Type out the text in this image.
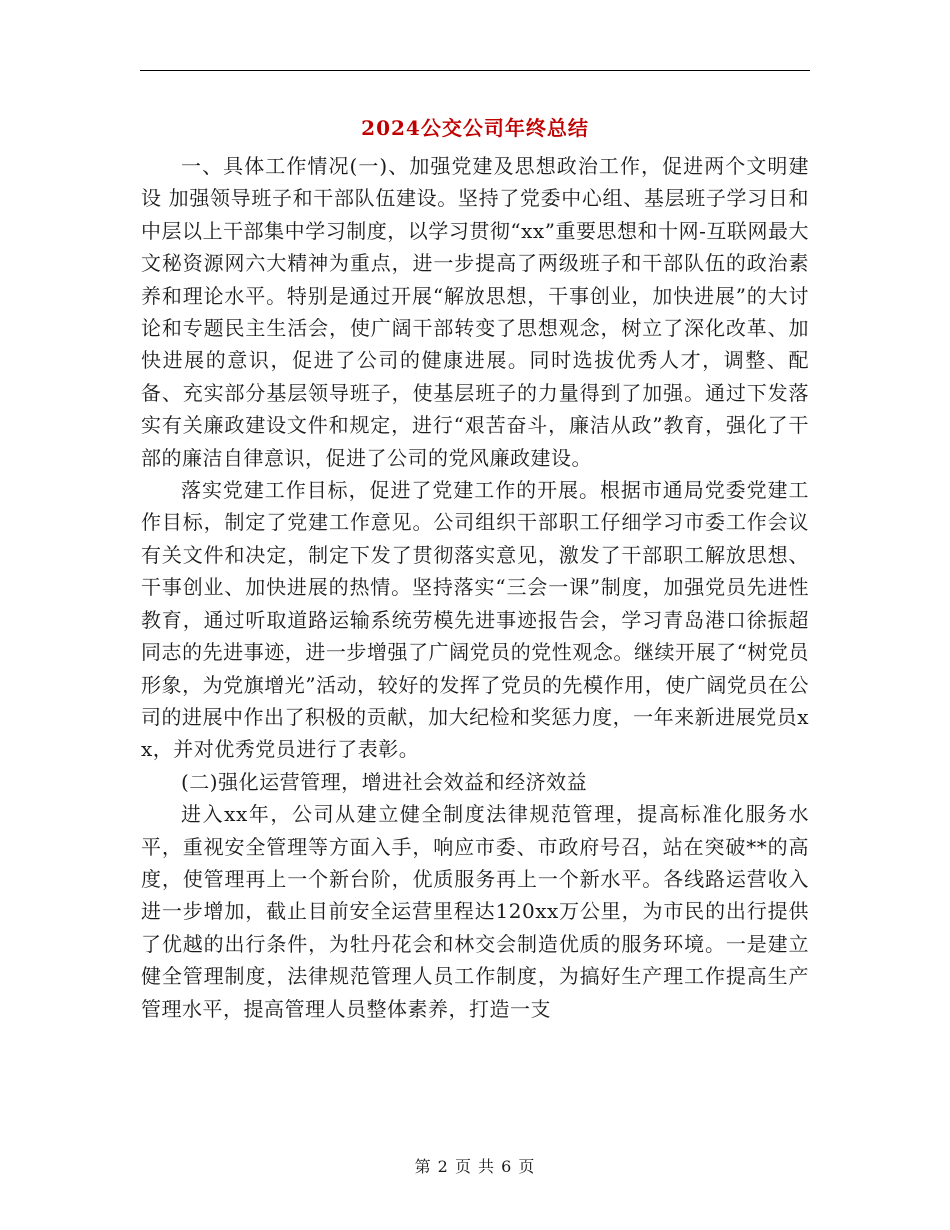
2024公交公司年终总结

一、具体工作情况(一)、加强党建及思想政治工作，促进两个文明建设 加强领导班子和干部队伍建设。坚持了党委中心组、基层班子学习日和中层以上干部集中学习制度，以学习贯彻“xx”重要思想和十网-互联网最大文秘资源网六大精神为重点，进一步提高了两级班子和干部队伍的政治素养和理论水平。特别是通过开展“解放思想，干事创业，加快进展”的大讨论和专题民主生活会，使广阔干部转变了思想观念，树立了深化改革、加快进展的意识，促进了公司的健康进展。同时选拔优秀人才，调整、配备、充实部分基层领导班子，使基层班子的力量得到了加强。通过下发落实有关廉政建设文件和规定，进行“艰苦奋斗，廉洁从政”教育，强化了干部的廉洁自律意识，促进了公司的党风廉政建设。

落实党建工作目标，促进了党建工作的开展。根据市通局党委党建工作目标，制定了党建工作意见。公司组织干部职工仔细学习市委工作会议有关文件和决定，制定下发了贯彻落实意见，激发了干部职工解放思想、干事创业、加快进展的热情。坚持落实“三会一课”制度，加强党员先进性教育，通过听取道路运输系统劳模先进事迹报告会，学习青岛港口徐振超同志的先进事迹，进一步增强了广阔党员的党性观念。继续开展了“树党员形象，为党旗增光”活动，较好的发挥了党员的先模作用，使广阔党员在公司的进展中作出了积极的贡献，加大纪检和奖惩力度，一年来新进展党员xx，并对优秀党员进行了表彰。

(二)强化运营管理，增进社会效益和经济效益

进入xx年，公司从建立健全制度法律规范管理，提高标准化服务水平，重视安全管理等方面入手，响应市委、市政府号召，站在突破**的高度，使管理再上一个新台阶，优质服务再上一个新水平。各线路运营收入进一步增加，截止目前安全运营里程达120xx万公里，为市民的出行提供了优越的出行条件，为牡丹花会和林交会制造优质的服务环境。一是建立健全管理制度，法律规范管理人员工作制度，为搞好生产理工作提高生产管理水平，提高管理人员整体素养，打造一支

第 2 页 共 6 页
